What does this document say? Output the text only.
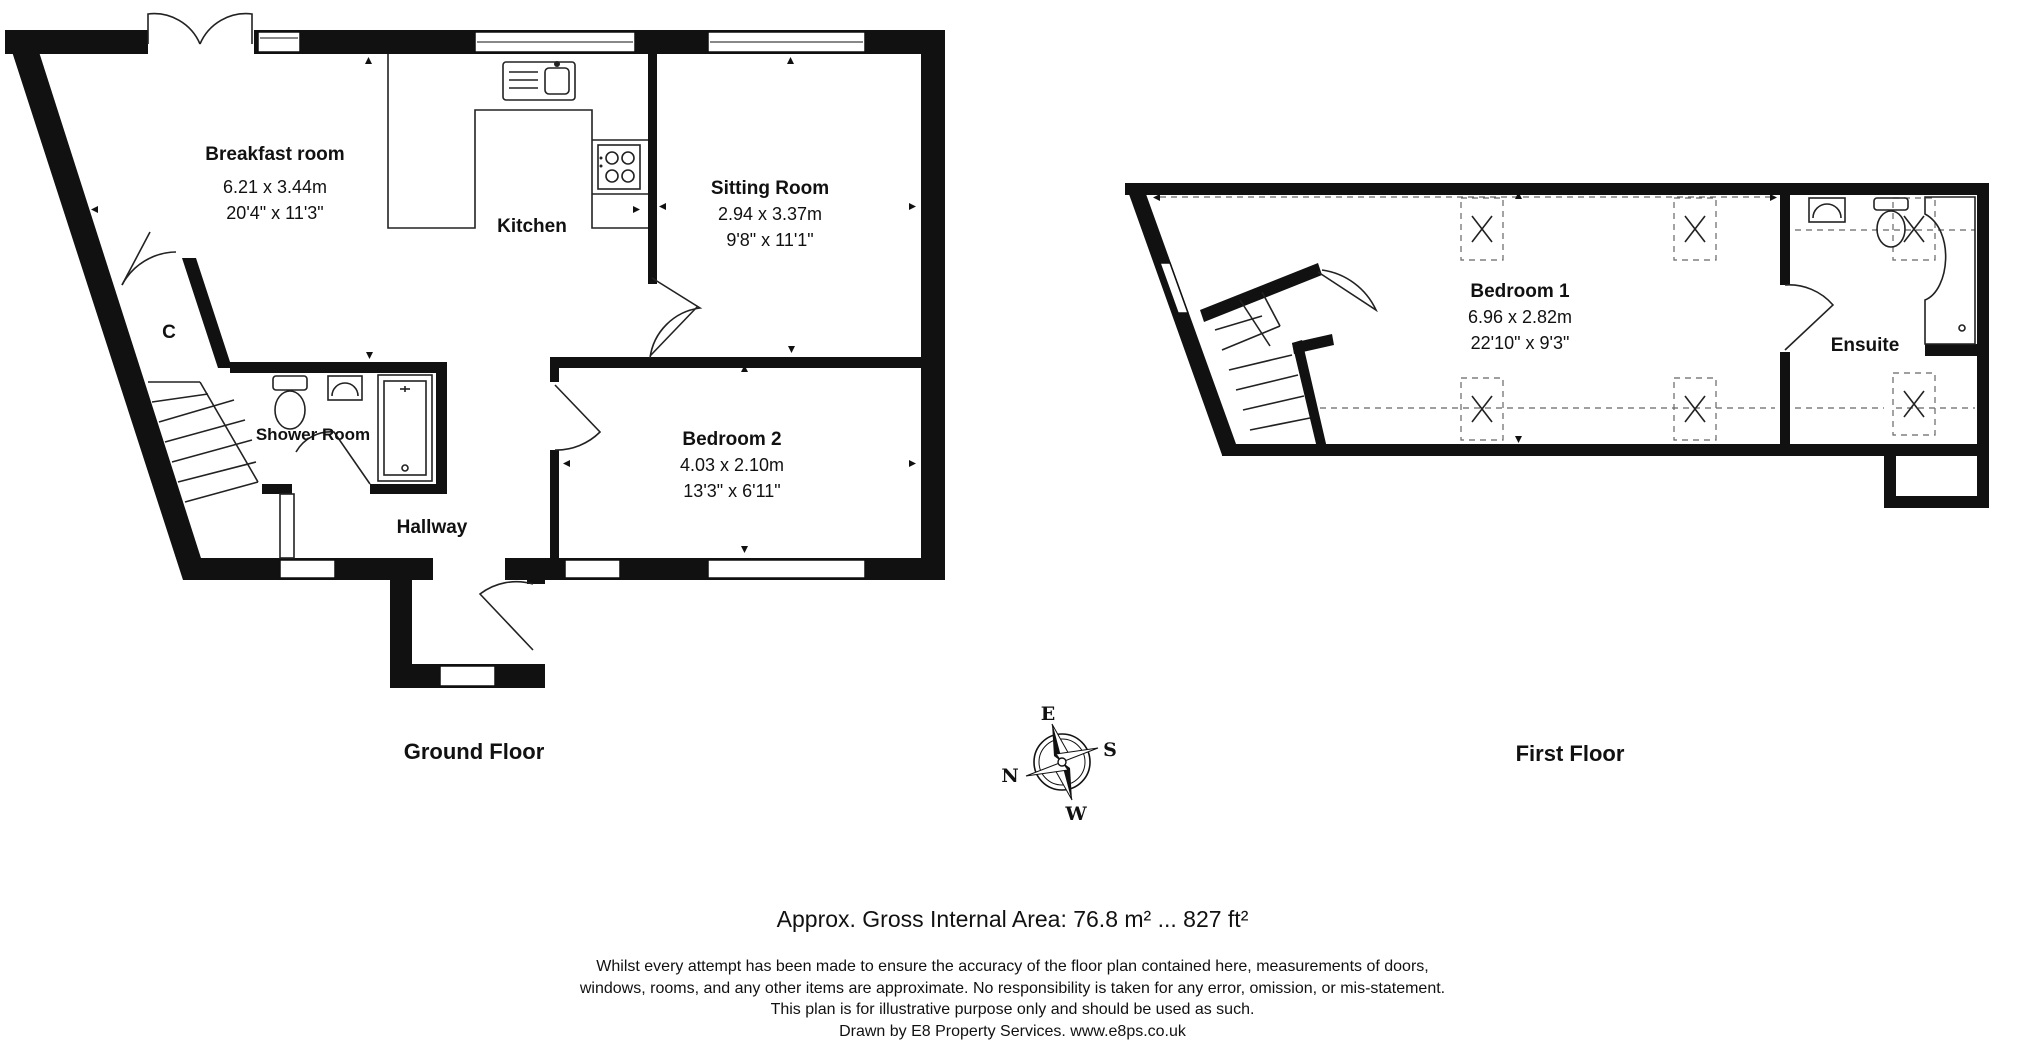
Breakfast room
6.21 x 3.44m
20'4" x 11'3"
Kitchen
Sitting Room
2.94 x 3.37m
9'8" x 11'1"
Bedroom 2
4.03 x 2.10m
13'3" x 6'11"
Shower Room
Hallway
C
Ground Floor
Bedroom 1
6.96 x 2.82m
22'10" x 9'3"	Ensuite
First Floor
E
S
N
W
Approx. Gross Internal Area: 76.8 m² ... 827 ft²
Whilst every attempt has been made to ensure the accuracy of the floor plan contained here, measurements of doors,
windows, rooms, and any other items are approximate. No responsibility is taken for any error, omission, or mis-statement.
This plan is for illustrative purpose only and should be used as such.
Drawn by E8 Property Services. www.e8ps.co.uk
